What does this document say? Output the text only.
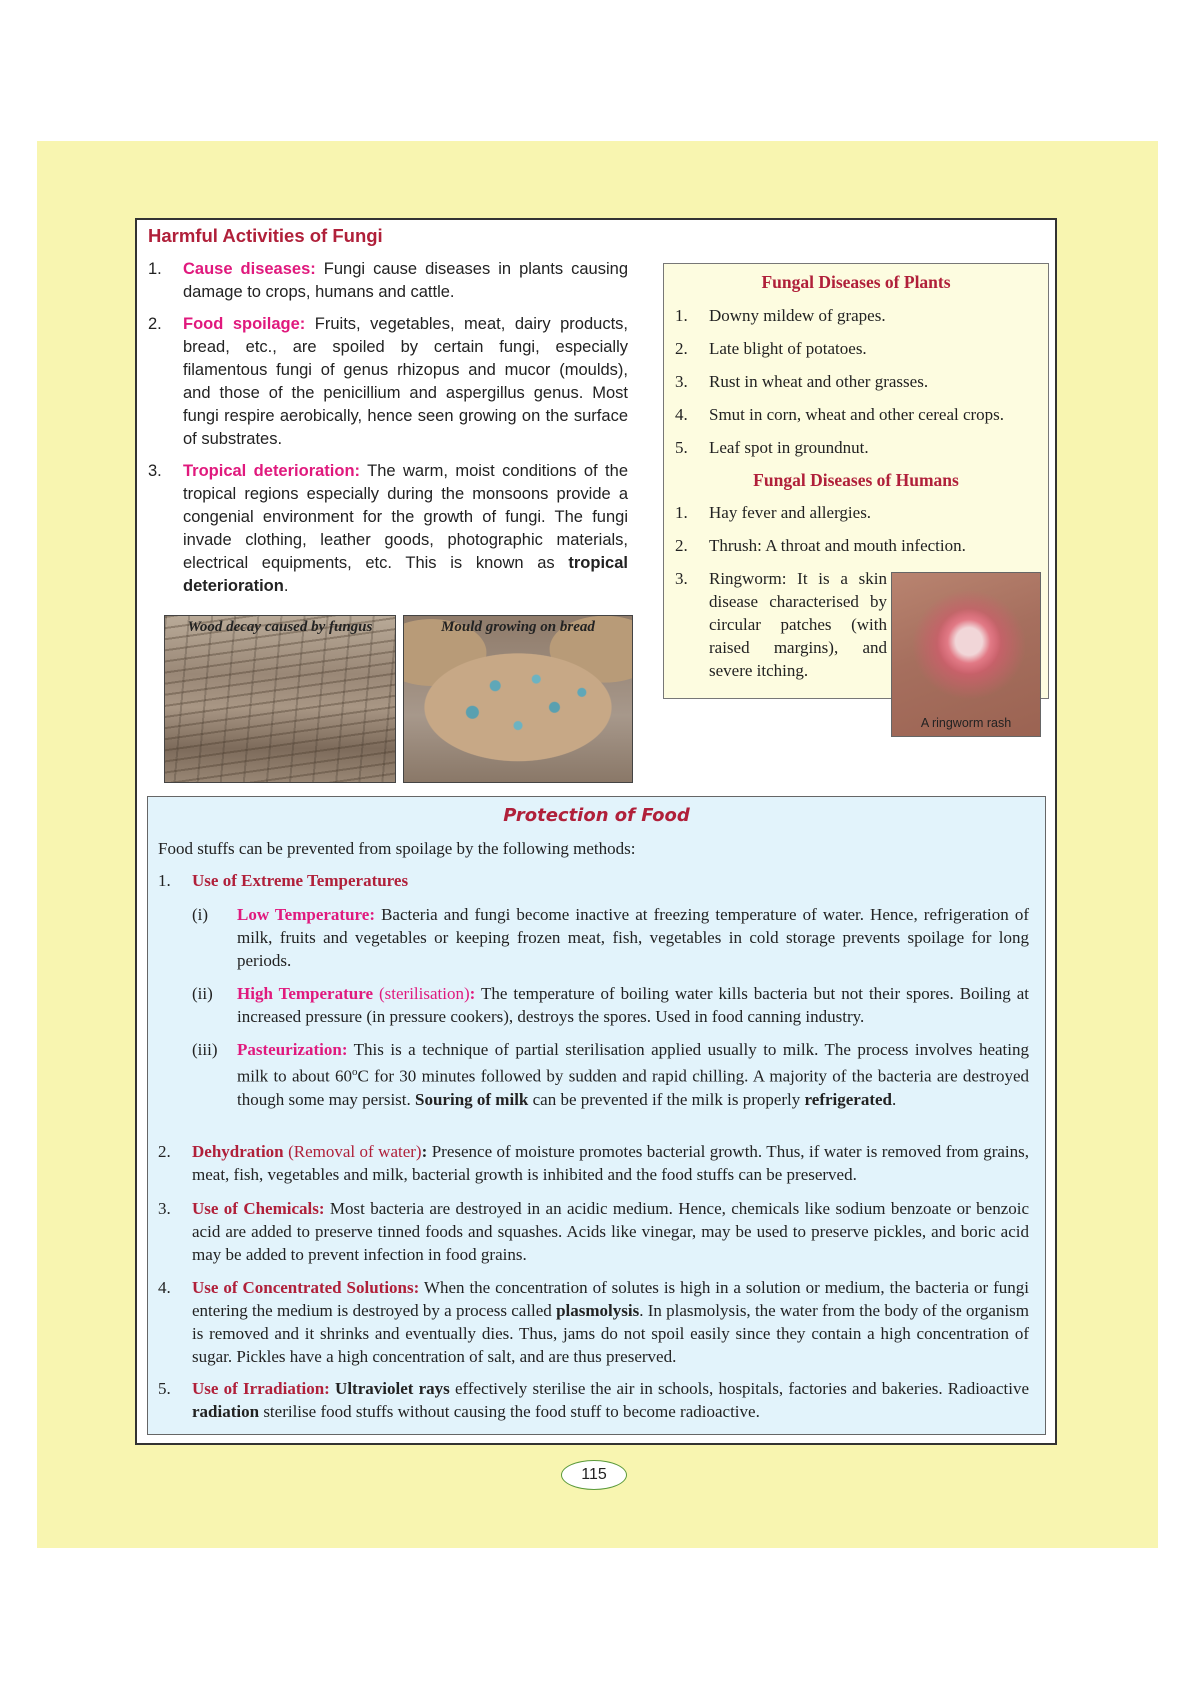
Harmful Activities of Fungi
1.	Cause diseases: Fungi cause diseases in plants causing damage to crops, humans and cattle.
2.	Food spoilage: Fruits, vegetables, meat, dairy products, bread, etc., are spoiled by certain fungi, especially filamentous fungi of genus rhizopus and mucor (moulds), and those of the penicillium and aspergillus genus. Most fungi respire aerobically, hence seen growing on the surface of substrates.
3.	Tropical deterioration: The warm, moist conditions of the tropical regions especially during the monsoons provide a congenial environment for the growth of fungi. The fungi invade clothing, leather goods, photographic materials, electrical equipments, etc. This is known as tropical deterioration.
Wood decay caused by fungus	Mould growing on bread
Fungal Diseases of Plants
1.	Downy mildew of grapes.
2.	Late blight of potatoes.
3.	Rust in wheat and other grasses.
4.	Smut in corn, wheat and other cereal crops.
5.	Leaf spot in groundnut.
Fungal Diseases of Humans
1.	Hay fever and allergies.
2.	Thrush: A throat and mouth infection.
3.	Ringworm: It is a skin disease characterised by circular patches (with raised margins), and severe itching.
A ringworm rash
Protection of Food
Food stuffs can be prevented from spoilage by the following methods:
1.	Use of Extreme Temperatures
(i)	Low Temperature: Bacteria and fungi become inactive at freezing temperature of water. Hence, refrigeration of milk, fruits and vegetables or keeping frozen meat, fish, vegetables in cold storage prevents spoilage for long periods.
(ii)	High Temperature (sterilisation): The temperature of boiling water kills bacteria but not their spores. Boiling at increased pressure (in pressure cookers), destroys the spores. Used in food canning industry.
(iii)	Pasteurization: This is a technique of partial sterilisation applied usually to milk. The process involves heating milk to about 60$^o$C for 30 minutes followed by sudden and rapid chilling. A majority of the bacteria are destroyed though some may persist. Souring of milk can be prevented if the milk is properly refrigerated.
2.	Dehydration (Removal of water): Presence of moisture promotes bacterial growth. Thus, if water is removed from grains, meat, fish, vegetables and milk, bacterial growth is inhibited and the food stuffs can be preserved.
3.	Use of Chemicals: Most bacteria are destroyed in an acidic medium. Hence, chemicals like sodium benzoate or benzoic acid are added to preserve tinned foods and squashes. Acids like vinegar, may be used to preserve pickles, and boric acid may be added to prevent infection in food grains.
4.	Use of Concentrated Solutions: When the concentration of solutes is high in a solution or medium, the bacteria or fungi entering the medium is destroyed by a process called plasmolysis. In plasmolysis, the water from the body of the organism is removed and it shrinks and eventually dies. Thus, jams do not spoil easily since they contain a high concentration of sugar. Pickles have a high concentration of salt, and are thus preserved.
5.	Use of Irradiation: Ultraviolet rays effectively sterilise the air in schools, hospitals, factories and bakeries. Radioactive radiation sterilise food stuffs without causing the food stuff to become radioactive.
115
